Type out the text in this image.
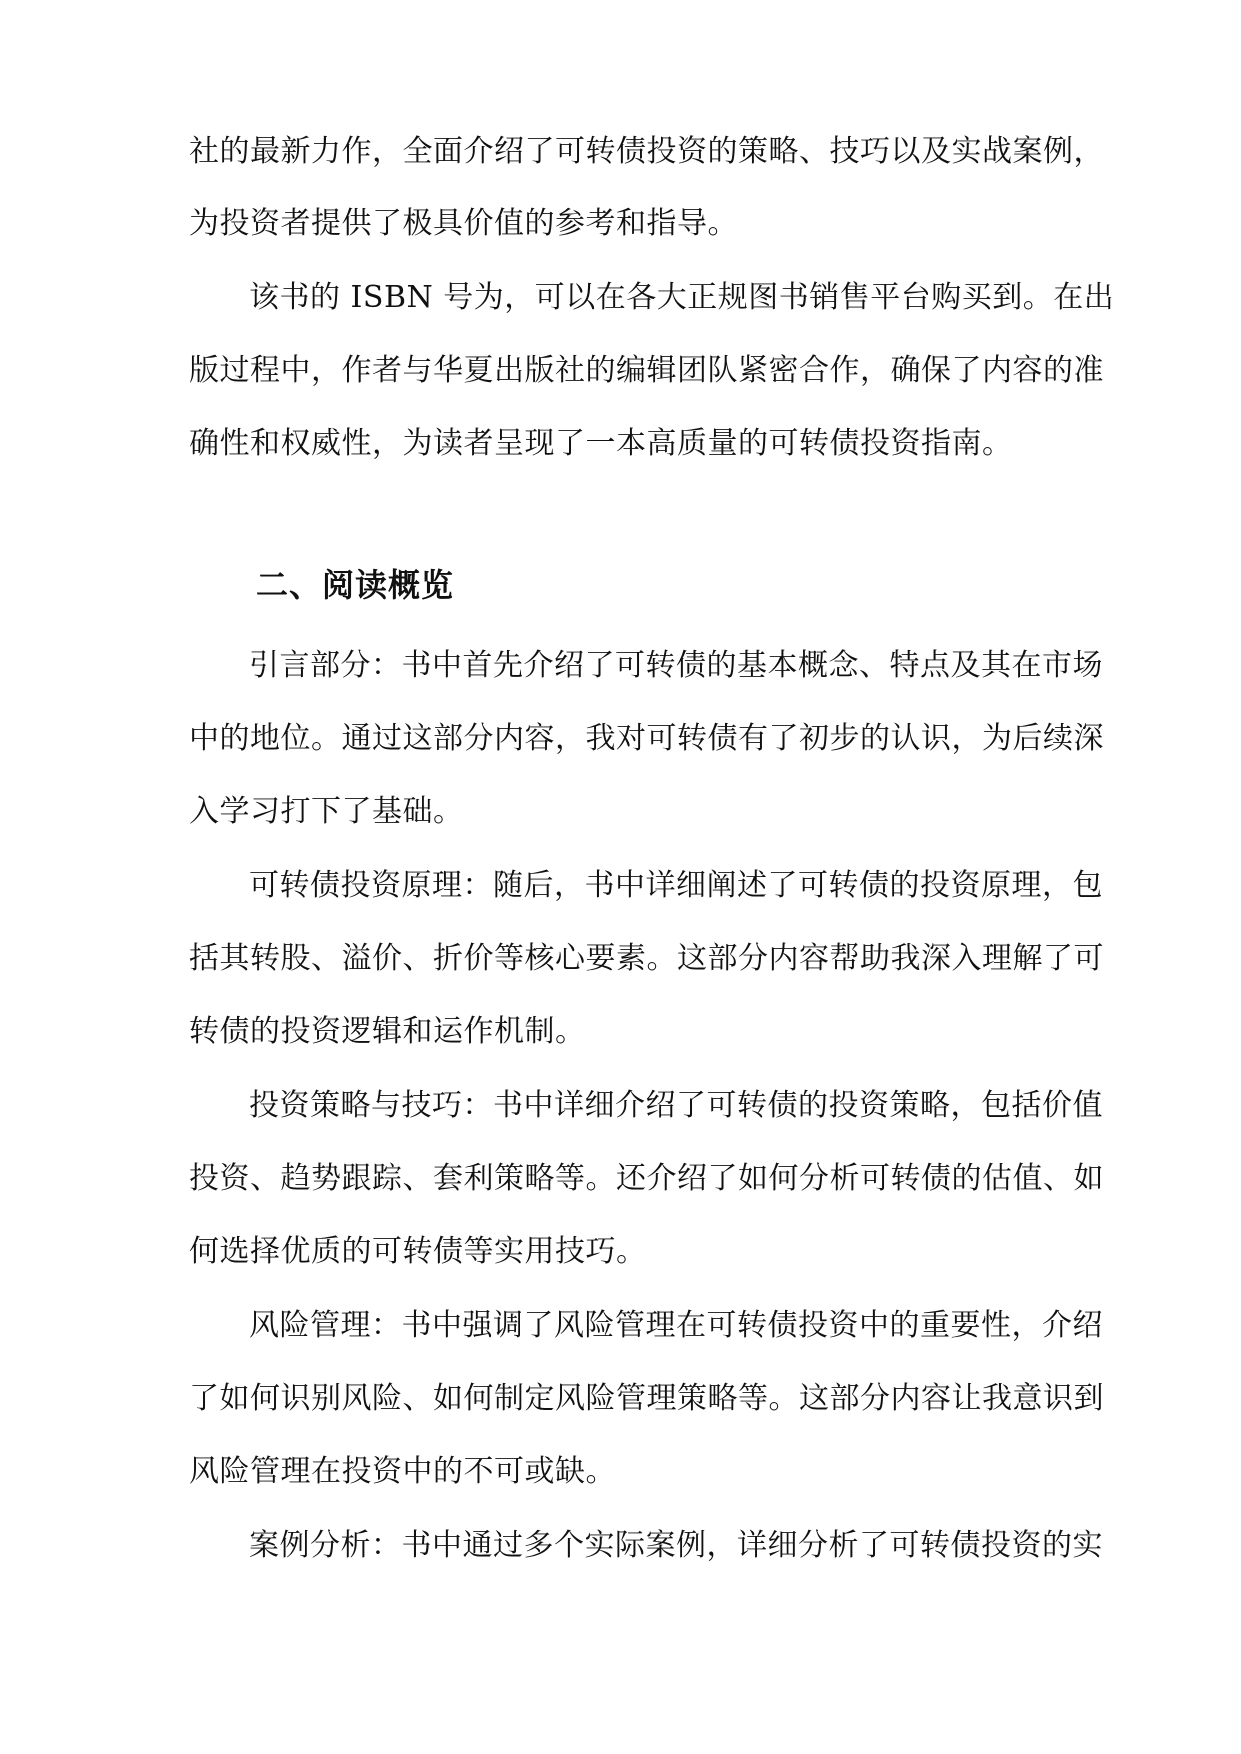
社的最新力作，全面介绍了可转债投资的策略、技巧以及实战案例，
为投资者提供了极具价值的参考和指导。
该书的 ISBN 号为，可以在各大正规图书销售平台购买到。在出
版过程中，作者与华夏出版社的编辑团队紧密合作，确保了内容的准
确性和权威性，为读者呈现了一本高质量的可转债投资指南。
二、阅读概览
引言部分：书中首先介绍了可转债的基本概念、特点及其在市场
中的地位。通过这部分内容，我对可转债有了初步的认识，为后续深
入学习打下了基础。
可转债投资原理：随后，书中详细阐述了可转债的投资原理，包
括其转股、溢价、折价等核心要素。这部分内容帮助我深入理解了可
转债的投资逻辑和运作机制。
投资策略与技巧：书中详细介绍了可转债的投资策略，包括价值
投资、趋势跟踪、套利策略等。还介绍了如何分析可转债的估值、如
何选择优质的可转债等实用技巧。
风险管理：书中强调了风险管理在可转债投资中的重要性，介绍
了如何识别风险、如何制定风险管理策略等。这部分内容让我意识到
风险管理在投资中的不可或缺。
案例分析：书中通过多个实际案例，详细分析了可转债投资的实
